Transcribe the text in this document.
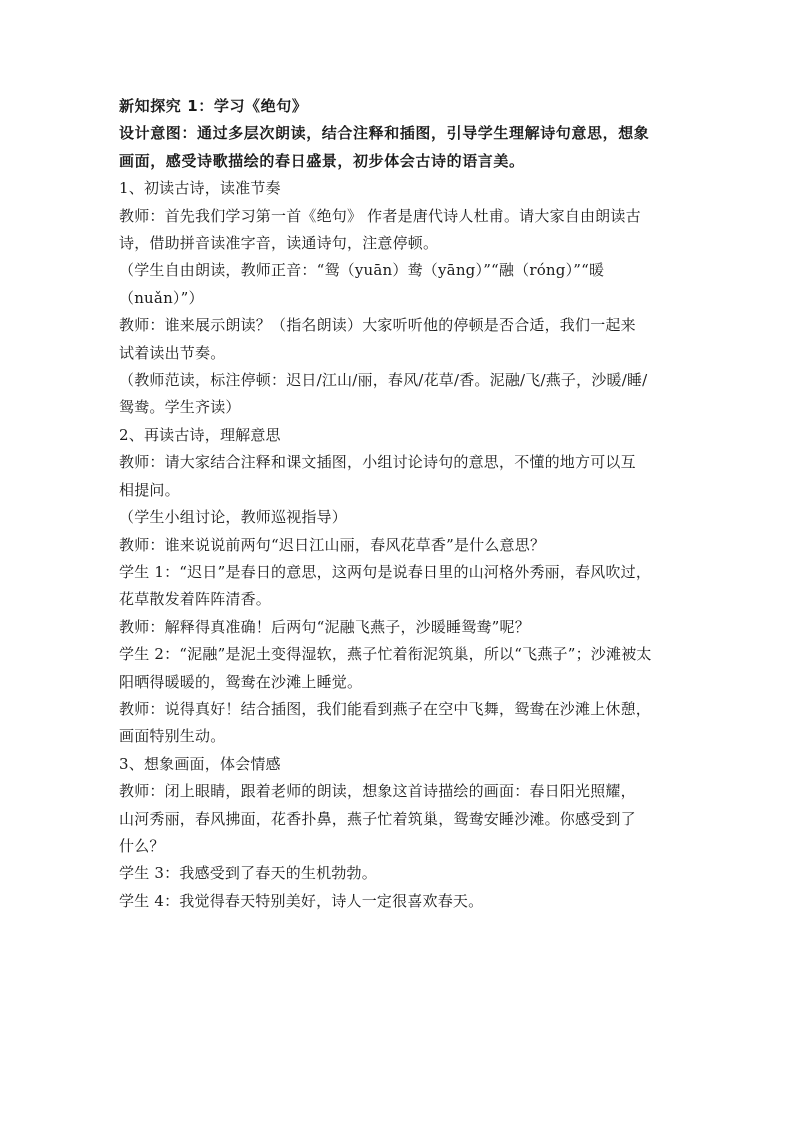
新知探究 1：学习《绝句》
设计意图：通过多层次朗读，结合注释和插图，引导学生理解诗句意思，想象
画面，感受诗歌描绘的春日盛景，初步体会古诗的语言美。
1、初读古诗，读准节奏
教师：首先我们学习第一首《绝句》 作者是唐代诗人杜甫。请大家自由朗读古
诗，借助拼音读准字音，读通诗句，注意停顿。
（学生自由朗读，教师正音：“鸳（yuān）鸯（yāng）”“融（róng）”“暖
（nuǎn）”）
教师：谁来展示朗读？（指名朗读）大家听听他的停顿是否合适，我们一起来
试着读出节奏。
（教师范读，标注停顿：迟日/江山/丽，春风/花草/香。泥融/飞/燕子，沙暖/睡/
鸳鸯。学生齐读）
2、再读古诗，理解意思
教师：请大家结合注释和课文插图，小组讨论诗句的意思，不懂的地方可以互
相提问。
（学生小组讨论，教师巡视指导）
教师：谁来说说前两句“迟日江山丽，春风花草香”是什么意思？
学生 1：“迟日”是春日的意思，这两句是说春日里的山河格外秀丽，春风吹过，
花草散发着阵阵清香。
教师：解释得真准确！后两句“泥融飞燕子，沙暖睡鸳鸯”呢？
学生 2：“泥融”是泥土变得湿软，燕子忙着衔泥筑巢，所以“飞燕子”；沙滩被太
阳晒得暖暖的，鸳鸯在沙滩上睡觉。
教师：说得真好！结合插图，我们能看到燕子在空中飞舞，鸳鸯在沙滩上休憩，
画面特别生动。
3、想象画面，体会情感
教师：闭上眼睛，跟着老师的朗读，想象这首诗描绘的画面：春日阳光照耀，
山河秀丽，春风拂面，花香扑鼻，燕子忙着筑巢，鸳鸯安睡沙滩。你感受到了
什么？
学生 3：我感受到了春天的生机勃勃。
学生 4：我觉得春天特别美好，诗人一定很喜欢春天。
